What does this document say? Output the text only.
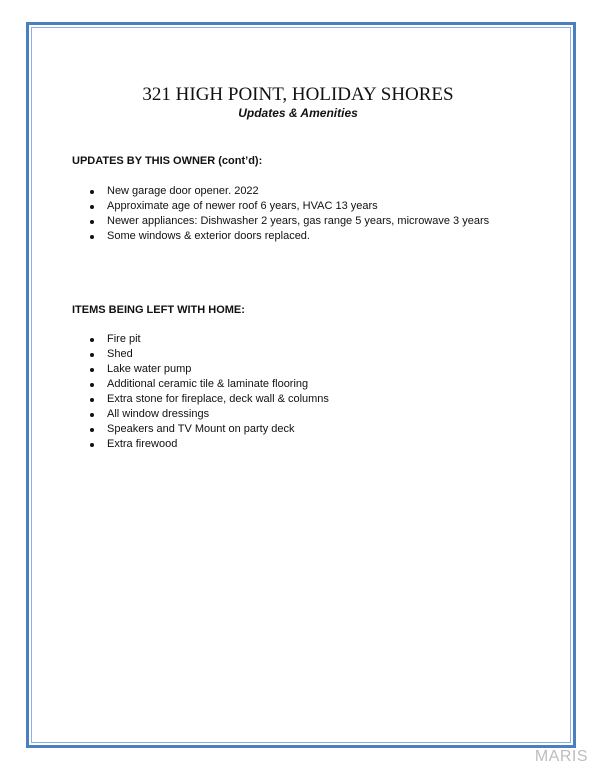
321 HIGH POINT, HOLIDAY SHORES
Updates & Amenities
UPDATES BY THIS OWNER (cont’d):
New garage door opener. 2022
Approximate age of newer roof 6 years, HVAC 13 years
Newer appliances: Dishwasher 2 years, gas range 5 years, microwave 3 years
Some windows & exterior doors replaced.
ITEMS BEING LEFT WITH HOME:
Fire pit
Shed
Lake water pump
Additional ceramic tile & laminate flooring
Extra stone for fireplace, deck wall & columns
All window dressings
Speakers and TV Mount on party deck
Extra firewood
MARIS
